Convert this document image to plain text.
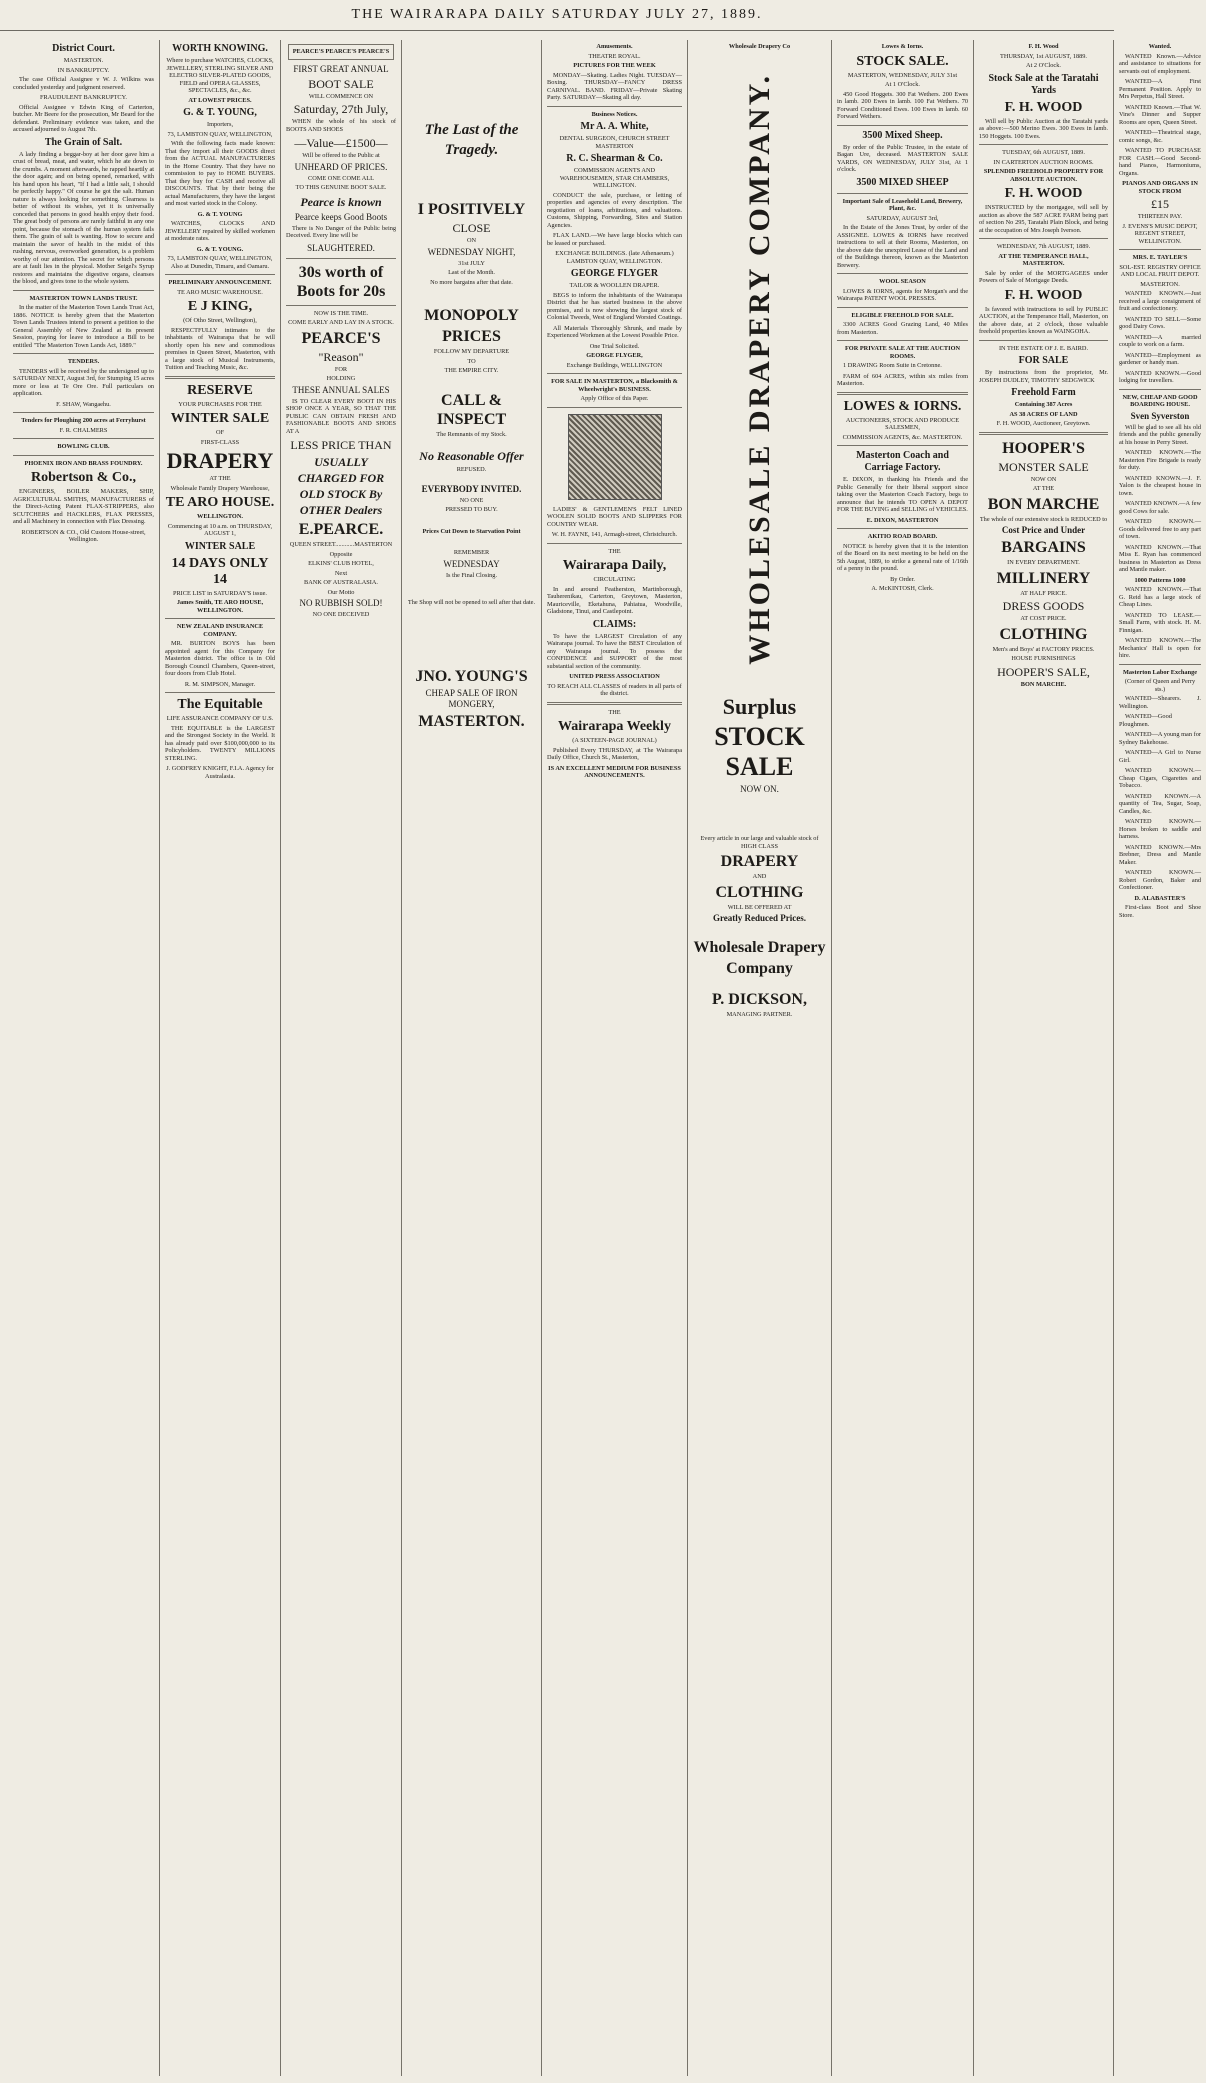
THE WAIRARAPA DAILY SATURDAY JULY 27, 1889.
District Court.
MASTERTON.
IN BANKRUPTCY.

The case Official Assignee v W. J. Wilkins was concluded yesterday and judgment reserved.

FRAUDULENT BANKRUPTCY.

Official Assignee v Edwin King of Carterton, butcher. Mr Beere for the prosecution, Mr Beard for the defendant. Preliminary evidence was taken, and the accused adjourned to August 7th.

The Grain of Salt.

A lady finding a beggar-boy at her door gave him a crust of bread, meat, and water, which he ate down to the crumbs. A moment afterwards, he rapped heartily at the door again; and on being opened, remarked, with his hand upon his heart, "If I had a little salt, I should be perfectly happy." Of course he got the salt. Human nature is always looking for something. Clearness is better of without its wishes, yet it is universally conceded that persons in good health enjoy their food. The great body of persons are rarely faithful in any one point, because the stomach of the human system fails them. The grain of salt is wanting. How to secure and maintain the savor of health in the midst of this rushing, nervous, overworked generation, is a problem worthy of our attention. The secret for which persons are at fault lies in the physical. Mother Seigel's Syrup restores and maintains the digestive organs, cleanses the blood, and gives tone to the whole system.

MASTERTON TOWN LANDS TRUST.

In the matter of the Masterton Town Lands Trust Act, 1886. NOTICE is hereby given that the Masterton Town Lands Trustees intend to present a petition to the General Assembly of New Zealand at its present Session, praying for leave to introduce a Bill to be entitled "The Masterton Town Lands Act, 1889."

TENDERS.

TENDERS will be received by the undersigned up to SATURDAY NEXT, August 3rd, for Stumping 15 acres more or less at Te Ore Ore. Full particulars on application.

F. SHAW, Wangaehu.
Tenders for Ploughing 200 acres at Ferryhurst
F. R. CHALMERS
BOWLING CLUB.
PHOENIX IRON AND BRASS FOUNDRY.
Robertson & Co.,

ENGINEERS, BOILER MAKERS, SHIP, AGRICULTURAL SMITHS, MANUFACTURERS of the Direct-Acting Patent FLAX-STRIPPERS, also SCUTCHERS and HACKLERS, FLAX PRESSES, and all Machinery in connection with Flax Dressing.

ROBERTSON & CO., Old Custom House-street, Wellington.
WORTH KNOWING.
Where to purchase WATCHES, CLOCKS, JEWELLERY, STERLING SILVER AND ELECTRO SILVER-PLATED GOODS, FIELD and OPERA GLASSES, SPECTACLES, &c., &c.
AT LOWEST PRICES.
G. & T. YOUNG,
Importers,
73, LAMBTON QUAY, WELLINGTON,

With the following facts made known: That they import all their GOODS direct from the ACTUAL MANUFACTURERS in the Home Country. That they have no commission to pay to HOME BUYERS. That they buy for CASH and receive all DISCOUNTS. That by their being the actual Manufacturers, they have the largest and most varied stock in the Colony.

G. & T. YOUNG

WATCHES, CLOCKS AND JEWELLERY repaired by skilled workmen at moderate rates.

G. & T. YOUNG.
73, LAMBTON QUAY, WELLINGTON, Also at Dunedin, Timaru, and Oamaru.
PRELIMINARY ANNOUNCEMENT.
TE ARO MUSIC WAREHOUSE.
E J KING,
(Of Otho Street, Wellington),

RESPECTFULLY intimates to the inhabitants of Wairarapa that he will shortly open his new and commodious premises in Queen Street, Masterton, with a large stock of Musical Instruments, Tuition and Teaching Music, &c.

RESERVE
YOUR PURCHASES FOR THE
WINTER SALE
OF
FIRST-CLASS
DRAPERY
AT THE
Wholesale Family Drapery Warehouse,
TE ARO HOUSE.
WELLINGTON.
Commencing at 10 a.m. on THURSDAY, AUGUST 1,
WINTER SALE
14 DAYS ONLY 14
PRICE LIST in SATURDAY'S issue.
James Smith, TE ARO HOUSE, WELLINGTON.
NEW ZEALAND INSURANCE COMPANY.

MR. BURTON BOYS has been appointed agent for this Company for Masterton district. The office is in Old Borough Council Chambers, Queen-street, four doors from Club Hotel.

R. M. SIMPSON, Manager.
The Equitable
LIFE ASSURANCE COMPANY OF U.S.

THE EQUITABLE is the LARGEST and the Strongest Society in the World. It has already paid over $100,000,000 to its Policyholders. TWENTY MILLIONS STERLING.

J. GODFREY KNIGHT, F.I.A. Agency for Australasia.
PEARCE'S PEARCE'S PEARCE'S
FIRST GREAT ANNUAL
BOOT SALE
WILL COMMENCE ON
Saturday, 27th July,

WHEN the whole of his stock of BOOTS AND SHOES

—Value—£1500—
Will be offered to the Public at
UNHEARD OF PRICES.
COME ONE COME ALL
TO THIS GENUINE BOOT SALE.
Pearce is known
Pearce keeps Good Boots

There is No Danger of the Public being Deceived. Every line will be

SLAUGHTERED.
30s worth of Boots for 20s
NOW IS THE TIME.
COME EARLY AND LAY IN A STOCK.
PEARCE'S
"Reason"
FOR
HOLDING
THESE ANNUAL SALES

IS TO CLEAR EVERY BOOT IN HIS SHOP ONCE A YEAR, SO THAT THE PUBLIC CAN OBTAIN FRESH AND FASHIONABLE BOOTS AND SHOES AT A

LESS PRICE THAN
USUALLY CHARGED FOR OLD STOCK By OTHER Dealers
E.PEARCE.
QUEEN STREET............MASTERTON
Opposite
ELKINS' CLUB HOTEL,
Next
BANK OF AUSTRALASIA.
Our Motto
NO RUBBISH SOLD!
NO ONE DECEIVED
The Last of the Tragedy.
I POSITIVELY
CLOSE
ON
WEDNESDAY NIGHT,
31st JULY
Last of the Month.
No more bargains after that date.
MONOPOLY
PRICES
FOLLOW MY DEPARTURE
TO
THE EMPIRE CITY.
CALL & INSPECT
The Remnants of my Stock.
No Reasonable Offer
REFUSED.
EVERYBODY INVITED.
NO ONE
PRESSED TO BUY.
Prices Cut Down to Starvation Point
REMEMBER
WEDNESDAY
Is the Final Closing.
The Shop will not be opened to sell after that date.
JNO. YOUNG'S
CHEAP SALE OF IRON MONGERY,
MASTERTON.
Amusements.
THEATRE ROYAL.
PICTURES FOR THE WEEK

MONDAY—Skating. Ladies Night. TUESDAY—Boxing. THURSDAY—FANCY DRESS CARNIVAL. BAND. FRIDAY—Private Skating Party. SATURDAY—Skating all day.

Business Notices.
Mr A. A. White,
DENTAL SURGEON, CHURCH STREET MASTERTON
R. C. Shearman & Co.
COMMISSION AGENTS AND WAREHOUSEMEN, STAR CHAMBERS, WELLINGTON.

CONDUCT the sale, purchase, or letting of properties and agencies of every description. The negotiation of loans, arbitrations, and valuations. Customs, Shipping, Forwarding, Sites and Station Agencies.

FLAX LAND.—We have large blocks which can be leased or purchased.

EXCHANGE BUILDINGS. (late Athenaeum.) LAMBTON QUAY, WELLINGTON.
GEORGE FLYGER
TAILOR & WOOLLEN DRAPER.

BEGS to inform the inhabitants of the Wairarapa District that he has started business in the above premises, and is now showing the largest stock of Colonial Tweeds, West of England Worsted Coatings.

All Materials Thoroughly Shrunk, and made by Experienced Workmen at the Lowest Possible Price.

One Trial Solicited.
GEORGE FLYGER,
Exchange Buildings, WELLINGTON
FOR SALE IN MASTERTON, a Blacksmith & Wheelwright's BUSINESS.
Apply Office of this Paper.

LADIES' & GENTLEMEN'S FELT LINED WOOLEN SOLID BOOTS AND SLIPPERS FOR COUNTRY WEAR.

W. H. FAYNE, 141, Armagh-street, Christchurch.
THE
Wairarapa Daily,
CIRCULATING

In and around Featherston, Martinborough, Tauherenikau, Carterton, Greytown, Masterton, Mauriceville, Eketahuna, Pahiatua, Woodville, Gladstone, Tinui, and Castlepoint.

CLAIMS:

To have the LARGEST Circulation of any Wairarapa journal. To have the BEST Circulation of any Wairarapa journal. To possess the CONFIDENCE and SUPPORT of the most substantial section of the community.

UNITED PRESS ASSOCIATION
TO REACH ALL CLASSES of readers in all parts of the district.
THE
Wairarapa Weekly
(A SIXTEEN-PAGE JOURNAL)

Published Every THURSDAY, at The Wairarapa Daily Office, Church St., Masterton,

IS AN EXCELLENT MEDIUM FOR BUSINESS ANNOUNCEMENTS.
Wholesale Drapery Co
WHOLESALE DRAPERY COMPANY.
Surplus
STOCK SALE
NOW ON.
Every article in our large and valuable stock of HIGH CLASS
DRAPERY
AND
CLOTHING
WILL BE OFFERED AT
Greatly Reduced Prices.
Wholesale Drapery
Company
P. DICKSON,
MANAGING PARTNER.
Lowes & Iorns.
STOCK SALE.
MASTERTON, WEDNESDAY, JULY 31st
At 1 O'Clock.

450 Good Hoggets. 300 Fat Wethers. 200 Ewes in lamb. 200 Ewes in lamb. 100 Fat Wethers. 70 Forward Conditioned Ewes. 100 Ewes in lamb. 60 Forward Wethers.

3500 Mixed Sheep.

By order of the Public Trustee, in the estate of Bagan Ure, deceased. MASTERTON SALE YARDS, ON WEDNESDAY, JULY 31st, At 1 o'clock.

3500 MIXED SHEEP
Important Sale of Leasehold Land, Brewery, Plant, &c.
SATURDAY, AUGUST 3rd,

In the Estate of the Jones Trust, by order of the ASSIGNEE. LOWES & IORNS have received instructions to sell at their Rooms, Masterton, on the above date the unexpired Lease of the Land and of the Buildings thereon, known as the Masterton Brewery.

WOOL SEASON

LOWES & IORNS, agents for Morgan's and the Wairarapa PATENT WOOL PRESSES.

ELIGIBLE FREEHOLD FOR SALE.

3300 ACRES Good Grazing Land, 40 Miles from Masterton.

FOR PRIVATE SALE AT THE AUCTION ROOMS.

1 DRAWING Room Suite in Cretonne.

FARM of 604 ACRES, within six miles from Masterton.

LOWES & IORNS.
AUCTIONEERS, STOCK AND PRODUCE SALESMEN,
COMMISSION AGENTS, &c. MASTERTON.
Masterton Coach and Carriage Factory.

E. DIXON, in thanking his Friends and the Public Generally for their liberal support since taking over the Masterton Coach Factory, begs to announce that he intends TO OPEN A DEPOT FOR THE BUYING and SELLING of VEHICLES.

E. DIXON, MASTERTON
AKITIO ROAD BOARD.

NOTICE is hereby given that it is the intention of the Board on its next meeting to be held on the 5th August, 1889, to strike a general rate of 1/16th of a penny in the pound.

By Order.
A. McKINTOSH, Clerk.
F. H. Wood
THURSDAY, 1st AUGUST, 1889.
At 2 O'Clock.
Stock Sale at the Taratahi Yards
F. H. WOOD

Will sell by Public Auction at the Taratahi yards as above:—500 Merino Ewes. 300 Ewes in lamb. 150 Hoggets. 100 Ewes.

TUESDAY, 6th AUGUST, 1889.
IN CARTERTON AUCTION ROOMS.
SPLENDID FREEHOLD PROPERTY FOR ABSOLUTE AUCTION.
F. H. WOOD

INSTRUCTED by the mortgagee, will sell by auction as above the 587 ACRE FARM being part of section No 295, Taratahi Plain Block, and being at the occupation of Mrs Joseph Iverson.

WEDNESDAY, 7th AUGUST, 1889.
AT THE TEMPERANCE HALL, MASTERTON.

Sale by order of the MORTGAGEES under Powers of Sale of Mortgage Deeds.

F. H. WOOD

Is favored with instructions to sell by PUBLIC AUCTION, at the Temperance Hall, Masterton, on the above date, at 2 o'clock, those valuable freehold properties known as WAINGOHA.

IN THE ESTATE OF J. E. BAIRD.
FOR SALE

By instructions from the proprietor, Mr. JOSEPH DUDLEY, TIMOTHY SEDGWICK

Freehold Farm
Containing 387 Acres
AS 38 ACRES OF LAND
F. H. WOOD, Auctioneer, Greytown.
HOOPER'S
MONSTER SALE
NOW ON
AT THE
BON MARCHE
The whole of our extensive stock is REDUCED to
Cost Price and Under
BARGAINS
IN EVERY DEPARTMENT.
MILLINERY
AT HALF PRICE.
DRESS GOODS
AT COST PRICE.
CLOTHING
Men's and Boys' at FACTORY PRICES.
HOUSE FURNISHINGS
HOOPER'S SALE,
BON MARCHE.
Wanted.

WANTED Known.—Advice and assistance to situations for servants out of employment.

WANTED—A First Permanent Position. Apply to Mrs Perpetus, Hall Street.

WANTED Known.—That W. Vine's Dinner and Supper Rooms are open, Queen Street.

WANTED—Theatrical stage, comic songs, &c.

WANTED TO PURCHASE FOR CASH.—Good Second-hand Pianos, Harmoniums, Organs.

PIANOS AND ORGANS IN STOCK FROM
£15
THIRTEEN PAY.
J. EVENS'S MUSIC DEPOT, REGENT STREET, WELLINGTON.
MRS. E. TAYLER'S
SOL-EST. REGISTRY OFFICE AND LOCAL FRUIT DEPOT.
MASTERTON.

WANTED KNOWN.—Just received a large consignment of fruit and confectionery.

WANTED TO SELL—Some good Dairy Cows.

WANTED—A married couple to work on a farm.

WANTED—Employment as gardener or handy man.

WANTED KNOWN.—Good lodging for travellers.

NEW, CHEAP AND GOOD BOARDING HOUSE.
Sven Syverston

Will be glad to see all his old friends and the public generally at his house in Perry Street.

WANTED KNOWN.—The Masterton Fire Brigade is ready for duty.

WANTED KNOWN.—J. F. Yalon is the cheapest house in town.

WANTED KNOWN.—A few good Cows for sale.

WANTED KNOWN.—Goods delivered free to any part of town.

WANTED KNOWN.—That Miss E. Ryan has commenced business in Masterton as Dress and Mantle maker.

1000 Patterns 1000

WANTED KNOWN.—That G. Reid has a large stock of Cheap Lines.

WANTED TO LEASE.—Small Farm, with stock. H. M. Finnigan.

WANTED KNOWN.—The Mechanics' Hall is open for hire.

Masterton Labor Exchange
(Corner of Queen and Perry sts.)

WANTED—Shearers. J. Wellington.

WANTED—Good Ploughmen.

WANTED—A young man for Sydney Bakehouse.

WANTED—A Girl to Nurse Girl.

WANTED KNOWN.—Cheap Cigars, Cigarettes and Tobacco.

WANTED KNOWN.—A quantity of Tea, Sugar, Soap, Candles, &c.

WANTED KNOWN.—Horses broken to saddle and harness.

WANTED KNOWN.—Mrs Brebner, Dress and Mantle Maker.

WANTED KNOWN.—Robert Gordon, Baker and Confectioner.

D. ALABASTER'S

First-class Boot and Shoe Store.
